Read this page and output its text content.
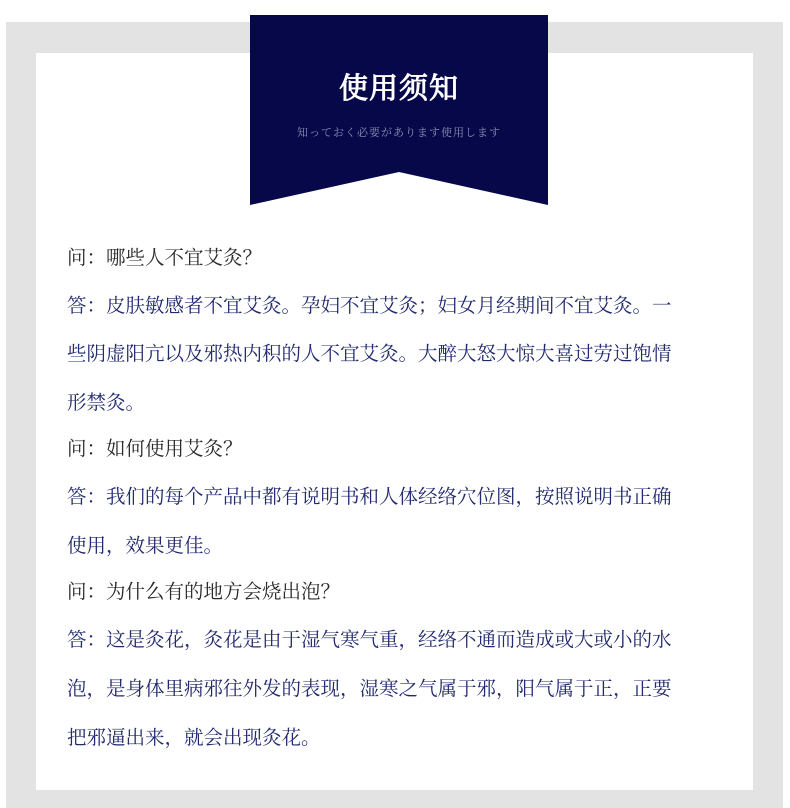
使用须知
知っておく必要があります使用します
问：哪些人不宜艾灸？
答：皮肤敏感者不宜艾灸。孕妇不宜艾灸；妇女月经期间不宜艾灸。一
些阴虚阳亢以及邪热内积的人不宜艾灸。大醉大怒大惊大喜过劳过饱情
形禁灸。
问：如何使用艾灸？
答：我们的每个产品中都有说明书和人体经络穴位图，按照说明书正确
使用，效果更佳。
问：为什么有的地方会烧出泡？
答：这是灸花，灸花是由于湿气寒气重，经络不通而造成或大或小的水
泡，是身体里病邪往外发的表现，湿寒之气属于邪，阳气属于正，正要
把邪逼出来，就会出现灸花。
